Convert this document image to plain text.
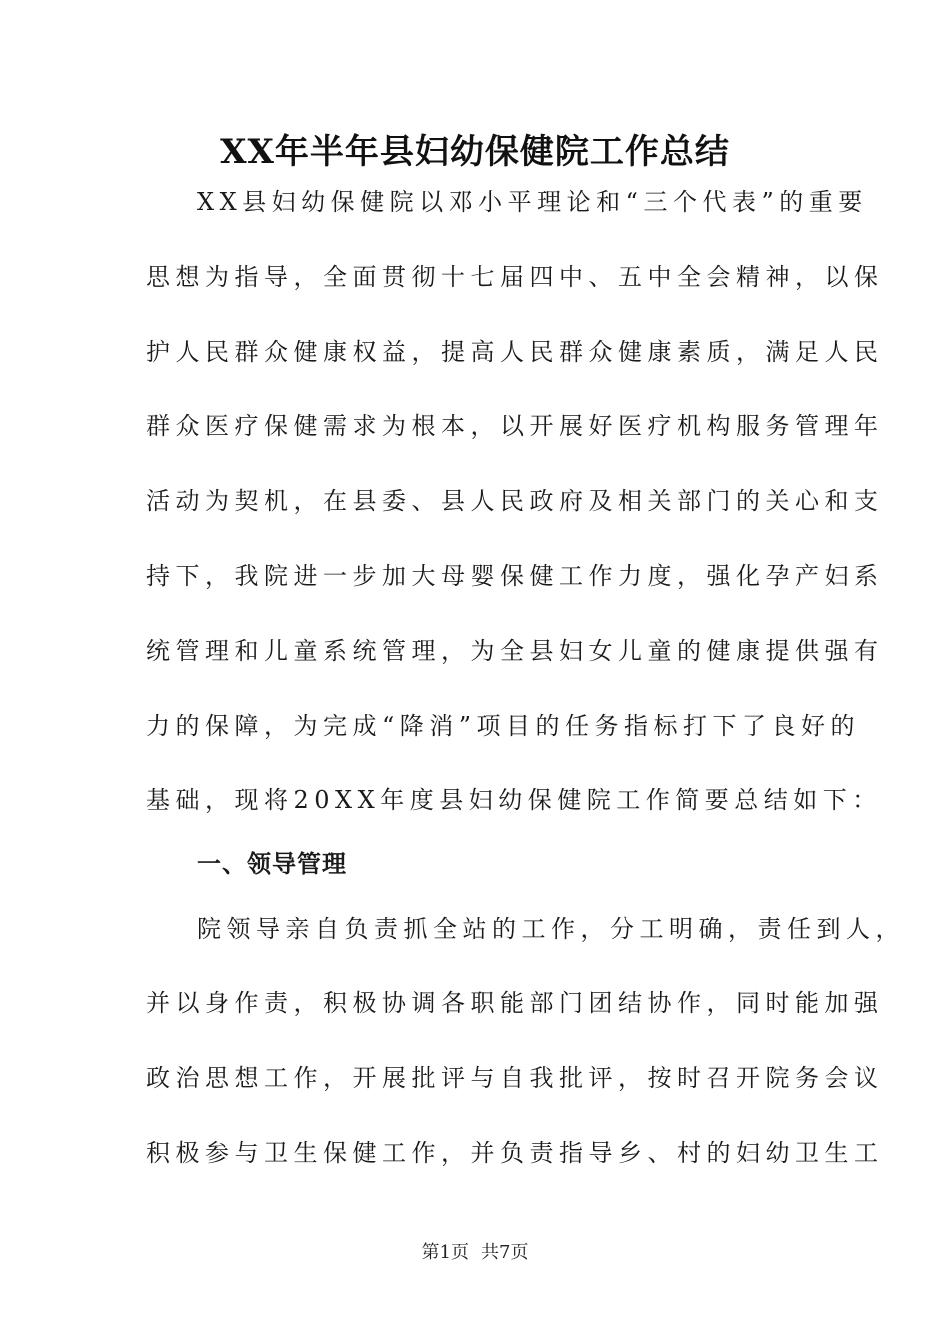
XX年半年县妇幼保健院工作总结
XX县妇幼保健院以邓小平理论和“三个代表”的重要
思想为指导，全面贯彻十七届四中、五中全会精神，以保
护人民群众健康权益，提高人民群众健康素质，满足人民
群众医疗保健需求为根本，以开展好医疗机构服务管理年
活动为契机，在县委、县人民政府及相关部门的关心和支
持下，我院进一步加大母婴保健工作力度，强化孕产妇系
统管理和儿童系统管理，为全县妇女儿童的健康提供强有
力的保障，为完成“降消”项目的任务指标打下了良好的
基础，现将20XX年度县妇幼保健院工作简要总结如下：
一、领导管理
院领导亲自负责抓全站的工作，分工明确，责任到人，
并以身作责，积极协调各职能部门团结协作，同时能加强
政治思想工作，开展批评与自我批评，按时召开院务会议
积极参与卫生保健工作，并负责指导乡、村的妇幼卫生工
第1页 共7页
